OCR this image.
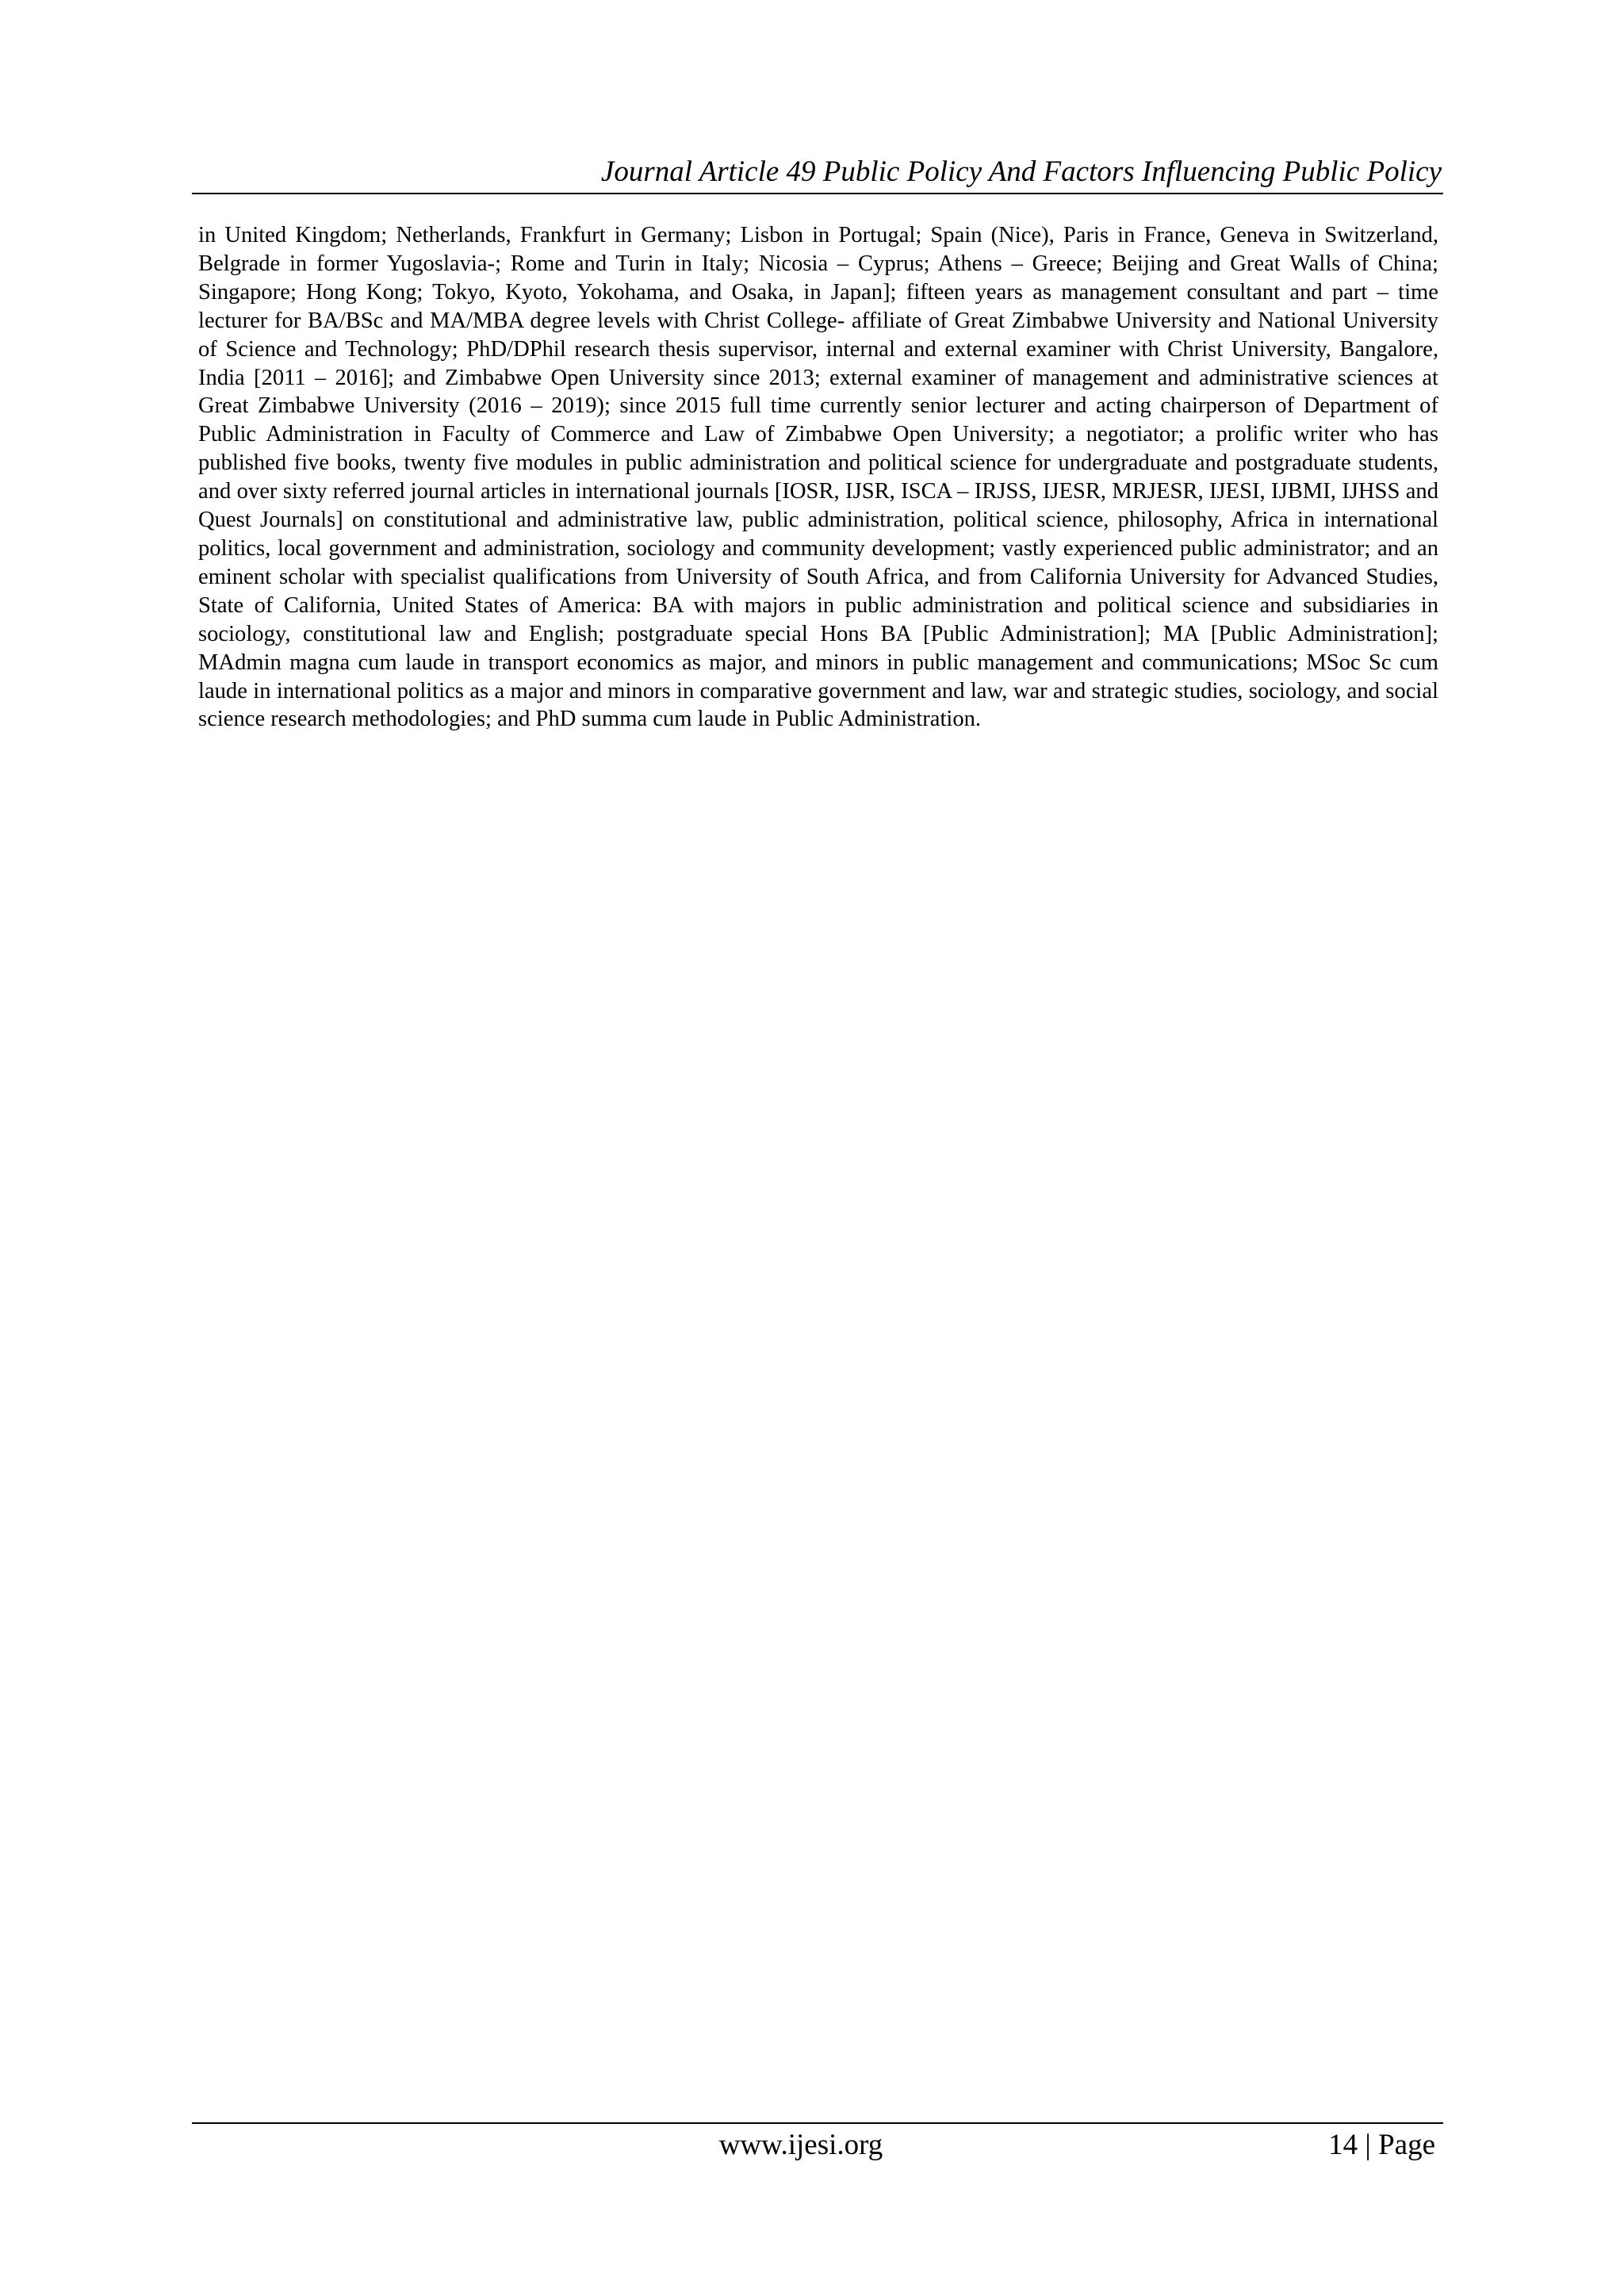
Journal Article 49 Public Policy And Factors Influencing Public Policy

in United Kingdom; Netherlands, Frankfurt in Germany; Lisbon in Portugal; Spain (Nice), Paris in France, Geneva in Switzerland, Belgrade in former Yugoslavia-; Rome and Turin in Italy; Nicosia – Cyprus; Athens – Greece; Beijing and Great Walls of China; Singapore; Hong Kong; Tokyo, Kyoto, Yokohama, and Osaka, in Japan]; fifteen years as management consultant and part – time lecturer for BA/BSc and MA/MBA degree levels with Christ College- affiliate of Great Zimbabwe University and National University of Science and Technology; PhD/DPhil research thesis supervisor, internal and external examiner with Christ University, Bangalore, India [2011 – 2016]; and Zimbabwe Open University since 2013; external examiner of management and administrative sciences at Great Zimbabwe University (2016 – 2019); since 2015 full time currently senior lecturer and acting chairperson of Department of Public Administration in Faculty of Commerce and Law of Zimbabwe Open University; a negotiator; a prolific writer who has published five books, twenty five modules in public administration and political science for undergraduate and postgraduate students, and over sixty referred journal articles in international journals [IOSR, IJSR, ISCA – IRJSS, IJESR, MRJESR, IJESI, IJBMI, IJHSS and Quest Journals] on constitutional and administrative law, public administration, political science, philosophy, Africa in international politics, local government and administration, sociology and community development; vastly experienced public administrator; and an eminent scholar with specialist qualifications from University of South Africa, and from California University for Advanced Studies, State of California, United States of America: BA with majors in public administration and political science and subsidiaries in sociology, constitutional law and English; postgraduate special Hons BA [Public Administration]; MA [Public Administration]; MAdmin magna cum laude in transport economics as major, and minors in public management and communications; MSoc Sc cum laude in international politics as a major and minors in comparative government and law, war and strategic studies, sociology, and social science research methodologies; and PhD summa cum laude in Public Administration.

www.ijesi.org	14 | Page
